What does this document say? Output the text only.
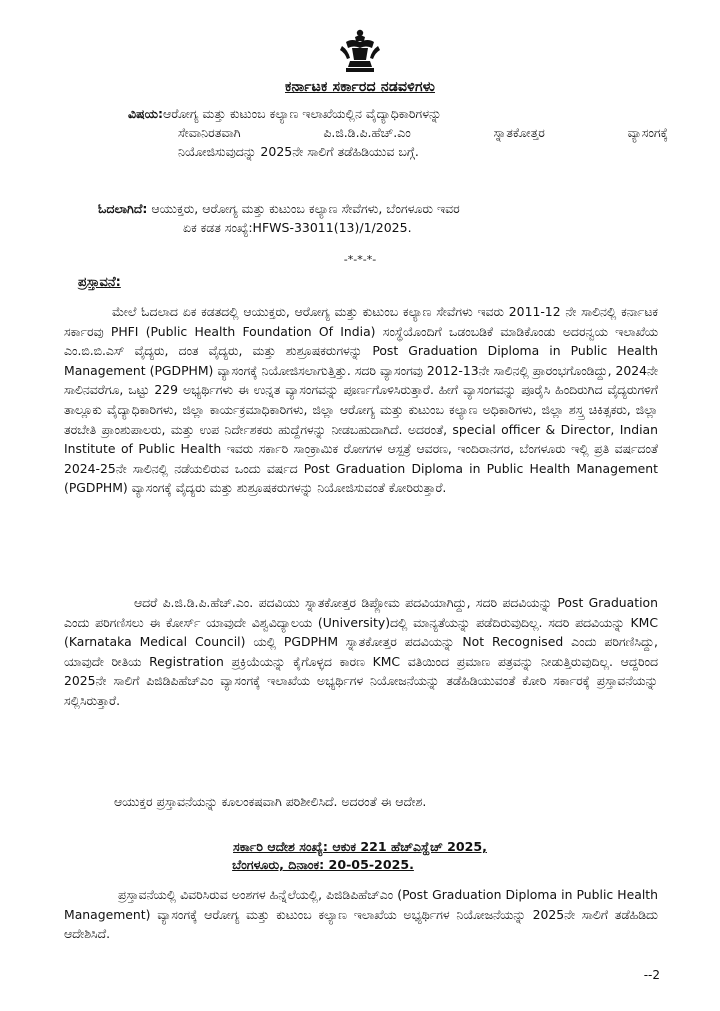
ಕರ್ನಾಟಕ ಸರ್ಕಾರದ ನಡವಳಿಗಳು
ವಿಷಯ:ಆರೋಗ್ಯ ಮತ್ತು ಕುಟುಂಬ ಕಲ್ಯಾಣ ಇಲಾಖೆಯಲ್ಲಿನ ವೈದ್ಯಾಧಿಕಾರಿಗಳನ್ನು
ಸೇವಾನಿರತವಾಗಿ	ಪಿ.ಜಿ.ಡಿ.ಪಿ.ಹೆಚ್.ಎಂ	ಸ್ನಾತಕೋತ್ತರ	ವ್ಯಾಸಂಗಕ್ಕೆ
ನಿಯೋಜಿಸುವುದನ್ನು 2025ನೇ ಸಾಲಿಗೆ ತಡೆಹಿಡಿಯುವ ಬಗ್ಗೆ.
ಓದಲಾಗಿದೆ: ಆಯುಕ್ತರು, ಆರೋಗ್ಯ ಮತ್ತು ಕುಟುಂಬ ಕಲ್ಯಾಣ ಸೇವೆಗಳು, ಬೆಂಗಳೂರು ಇವರ
ಏಕ ಕಡತ ಸಂಖ್ಯೆ:HFWS-33011(13)/1/2025.
-*-*-*-
ಪ್ರಸ್ತಾವನೆ:
ಮೇಲೆ ಓದಲಾದ ಏಕ ಕಡತದಲ್ಲಿ ಆಯುಕ್ತರು, ಆರೋಗ್ಯ ಮತ್ತು ಕುಟುಂಬ ಕಲ್ಯಾಣ ಸೇವೆಗಳು ಇವರು 2011-12 ನೇ ಸಾಲಿನಲ್ಲಿ ಕರ್ನಾಟಕ ಸರ್ಕಾರವು PHFI (Public Health Foundation Of India) ಸಂಸ್ಥೆಯೊಂದಿಗೆ ಒಡಂಬಡಿಕೆ ಮಾಡಿಕೊಂಡು ಅದರನ್ವಯ ಇಲಾಖೆಯ ಎಂ.ಬಿ.ಬಿ.ಎಸ್ ವೈದ್ಯರು, ದಂತ ವೈದ್ಯರು, ಮತ್ತು ಶುಶ್ರೂಷಕರುಗಳನ್ನು Post Graduation Diploma in Public Health Management (PGDPHM) ವ್ಯಾಸಂಗಕ್ಕೆ ನಿಯೋಜಿಸಲಾಗುತ್ತಿತ್ತು. ಸದರಿ ವ್ಯಾಸಂಗವು 2012-13ನೇ ಸಾಲಿನಲ್ಲಿ ಪ್ರಾರಂಭಗೊಂಡಿದ್ದು, 2024ನೇ ಸಾಲಿನವರೆಗೂ, ಒಟ್ಟು 229 ಅಭ್ಯರ್ಥಿಗಳು ಈ ಉನ್ನತ ವ್ಯಾಸಂಗವನ್ನು ಪೂರ್ಣಗೊಳಿಸಿರುತ್ತಾರೆ. ಹೀಗೆ ವ್ಯಾಸಂಗವನ್ನು ಪೂರೈಸಿ ಹಿಂದಿರುಗಿದ ವೈದ್ಯರುಗಳಿಗೆ ತಾಲ್ಲೂಕು ವೈದ್ಯಾಧಿಕಾರಿಗಳು, ಜಿಲ್ಲಾ ಕಾರ್ಯಕ್ರಮಾಧಿಕಾರಿಗಳು, ಜಿಲ್ಲಾ ಆರೋಗ್ಯ ಮತ್ತು ಕುಟುಂಬ ಕಲ್ಯಾಣ ಅಧಿಕಾರಿಗಳು, ಜಿಲ್ಲಾ ಶಸ್ತ್ರ ಚಿಕಿತ್ಸಕರು, ಜಿಲ್ಲಾ ತರಬೇತಿ ಪ್ರಾಂಶುಪಾಲರು, ಮತ್ತು ಉಪ ನಿರ್ದೇಶಕರು ಹುದ್ದೆಗಳನ್ನು ನೀಡಬಹುದಾಗಿದೆ. ಅದರಂತೆ, special officer & Director, Indian Institute of Public Health ಇವರು ಸರ್ಕಾರಿ ಸಾಂಕ್ರಾಮಿಕ ರೋಗಗಳ ಆಸ್ಪತ್ರೆ ಆವರಣ, ಇಂದಿರಾನಗರ, ಬೆಂಗಳೂರು ಇಲ್ಲಿ ಪ್ರತಿ ವರ್ಷದಂತೆ 2024-25ನೇ ಸಾಲಿನಲ್ಲಿ ನಡೆಯಲಿರುವ ಒಂದು ವರ್ಷದ Post Graduation Diploma in Public Health Management (PGDPHM) ವ್ಯಾಸಂಗಕ್ಕೆ ವೈದ್ಯರು ಮತ್ತು ಶುಶ್ರೂಷಕರುಗಳನ್ನು ನಿಯೋಜಿಸುವಂತೆ ಕೋರಿರುತ್ತಾರೆ.
ಆದರೆ ಪಿ.ಜಿ.ಡಿ.ಪಿ.ಹೆಚ್.ಎಂ. ಪದವಿಯು ಸ್ನಾತಕೋತ್ತರ ಡಿಪ್ಲೋಮ ಪದವಿಯಾಗಿದ್ದು, ಸದರಿ ಪದವಿಯನ್ನು Post Graduation ಎಂದು ಪರಿಗಣಿಸಲು ಈ ಕೋರ್ಸ್ ಯಾವುದೇ ವಿಶ್ವವಿದ್ಯಾಲಯ (University)ದಲ್ಲಿ ಮಾನ್ಯತೆಯನ್ನು ಪಡೆದಿರುವುದಿಲ್ಲ. ಸದರಿ ಪದವಿಯನ್ನು KMC (Karnataka Medical Council) ಯಲ್ಲಿ PGDPHM ಸ್ನಾತಕೋತ್ತರ ಪದವಿಯನ್ನು Not Recognised ಎಂದು ಪರಿಗಣಿಸಿದ್ದು, ಯಾವುದೇ ರೀತಿಯ Registration ಪ್ರಕ್ರಿಯೆಯನ್ನು ಕೈಗೊಳ್ಳದ ಕಾರಣ KMC ವತಿಯಿಂದ ಪ್ರಮಾಣ ಪತ್ರವನ್ನು ನೀಡುತ್ತಿರುವುದಿಲ್ಲ. ಆದ್ದರಿಂದ 2025ನೇ ಸಾಲಿಗೆ ಪಿಜಿಡಿಪಿಹೆಚ್ಎಂ ವ್ಯಾಸಂಗಕ್ಕೆ ಇಲಾಖೆಯ ಅಭ್ಯರ್ಥಿಗಳ ನಿಯೋಜನೆಯನ್ನು ತಡೆಹಿಡಿಯುವಂತೆ ಕೋರಿ ಸರ್ಕಾರಕ್ಕೆ ಪ್ರಸ್ತಾವನೆಯನ್ನು ಸಲ್ಲಿಸಿರುತ್ತಾರೆ.
ಆಯುಕ್ತರ ಪ್ರಸ್ತಾವನೆಯನ್ನು ಕೂಲಂಕಷವಾಗಿ ಪರಿಶೀಲಿಸಿದೆ. ಅದರಂತೆ ಈ ಆದೇಶ.
ಸರ್ಕಾರಿ ಆದೇಶ ಸಂಖ್ಯೆ: ಆಕುಕ 221 ಹೆಚ್ಎಸ್ಹೆಚ್ 2025,
ಬೆಂಗಳೂರು, ದಿನಾಂಕ: 20-05-2025.
ಪ್ರಸ್ತಾವನೆಯಲ್ಲಿ ವಿವರಿಸಿರುವ ಅಂಶಗಳ ಹಿನ್ನೆಲೆಯಲ್ಲಿ, ಪಿಜಿಡಿಪಿಹೆಚ್ಎಂ (Post Graduation Diploma in Public Health Management) ವ್ಯಾಸಂಗಕ್ಕೆ ಆರೋಗ್ಯ ಮತ್ತು ಕುಟುಂಬ ಕಲ್ಯಾಣ ಇಲಾಖೆಯ ಅಭ್ಯರ್ಥಿಗಳ ನಿಯೋಜನೆಯನ್ನು 2025ನೇ ಸಾಲಿಗೆ ತಡೆಹಿಡಿದು ಆದೇಶಿಸಿದೆ.
--2
